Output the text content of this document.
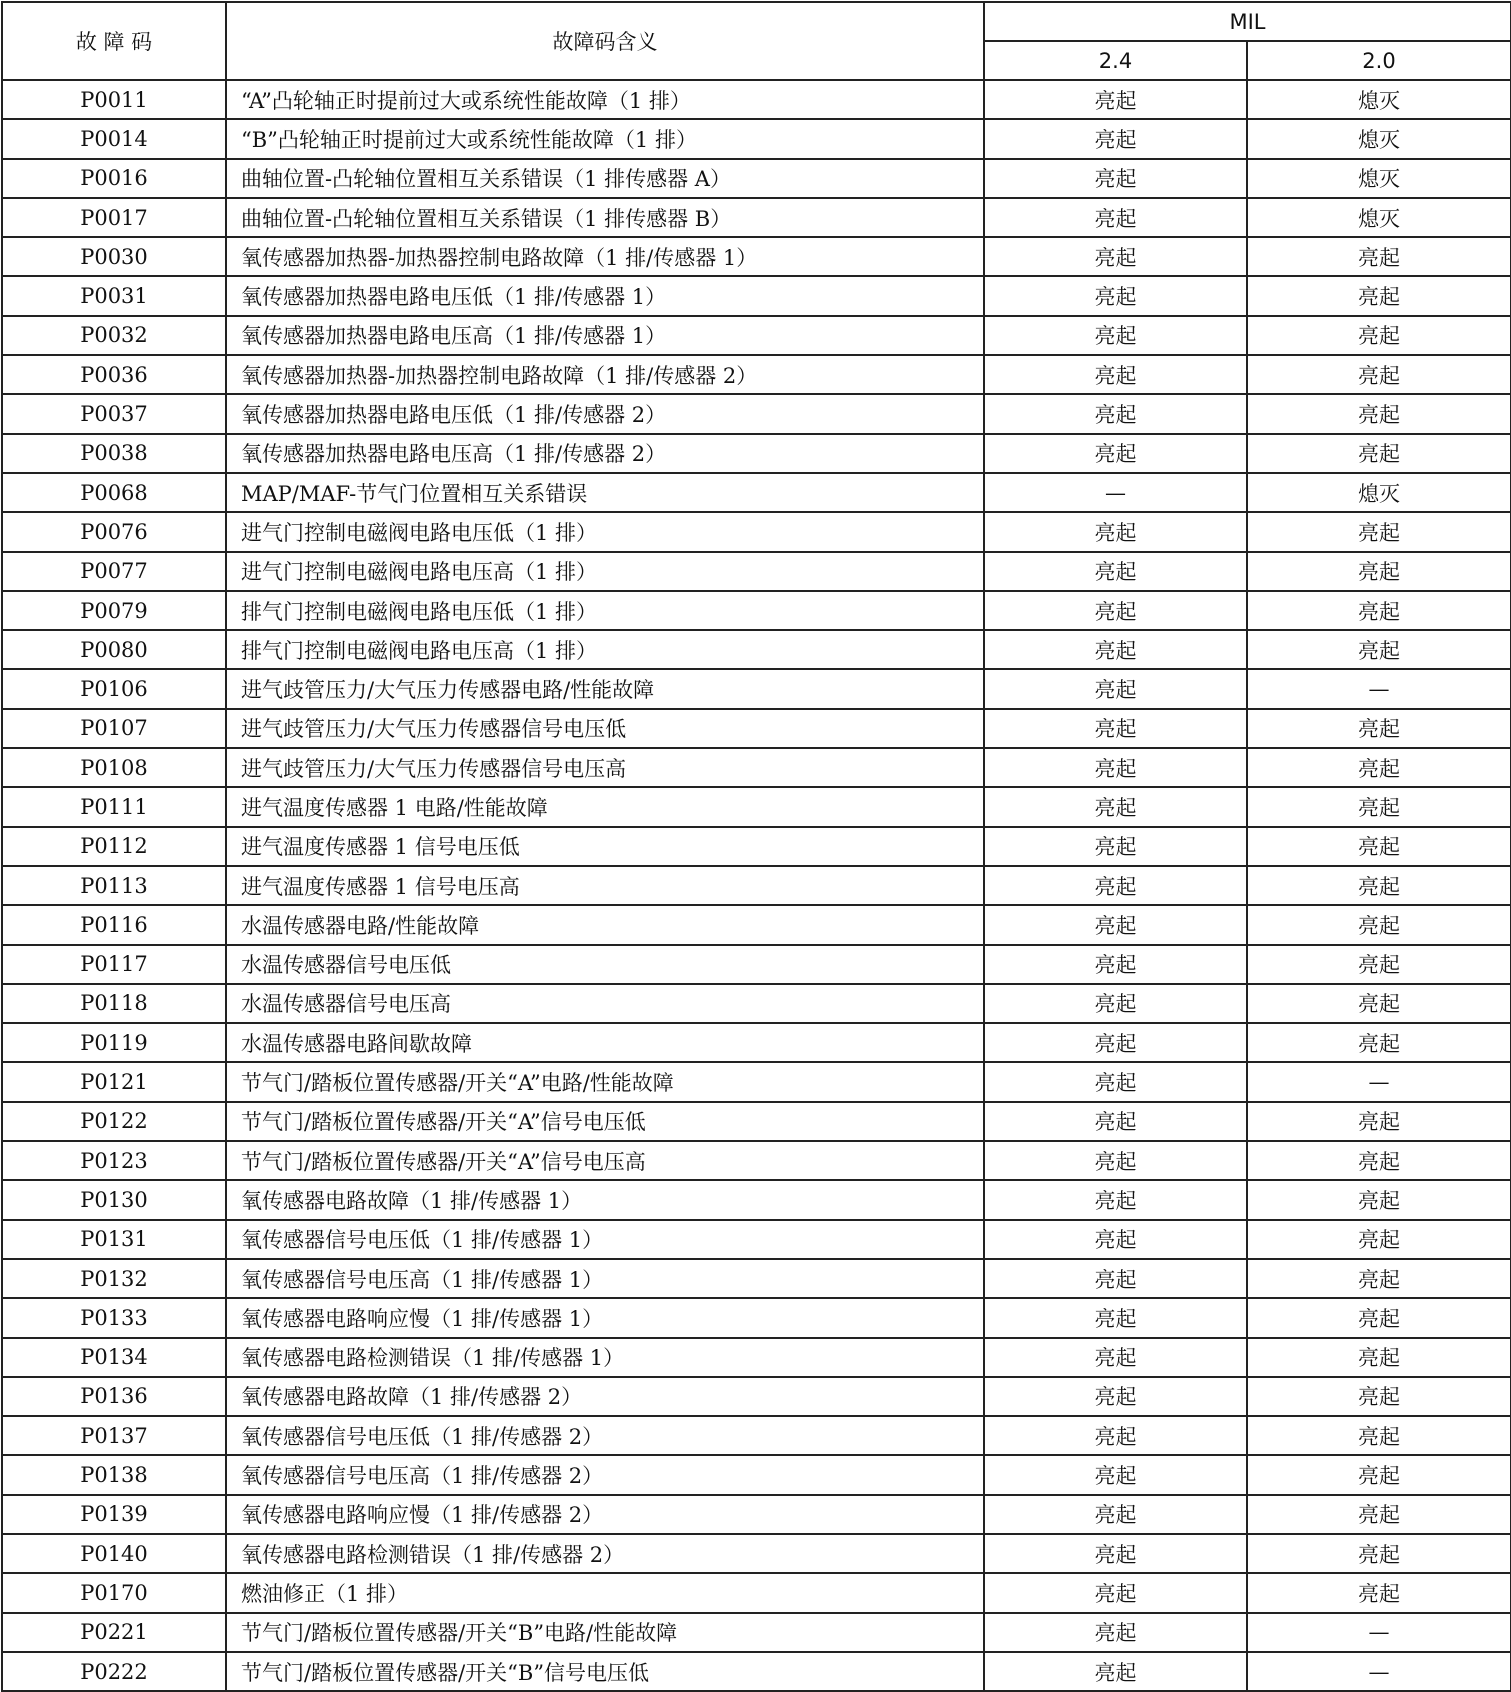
故 障 码	故障码含义	MIL	
		2.4	2.0
P0011	“A”凸轮轴正时提前过大或系统性能故障（1 排）	亮起	熄灭
P0014	“B”凸轮轴正时提前过大或系统性能故障（1 排）	亮起	熄灭
P0016	曲轴位置-凸轮轴位置相互关系错误（1 排传感器 A）	亮起	熄灭
P0017	曲轴位置-凸轮轴位置相互关系错误（1 排传感器 B）	亮起	熄灭
P0030	氧传感器加热器-加热器控制电路故障（1 排/传感器 1）	亮起	亮起
P0031	氧传感器加热器电路电压低（1 排/传感器 1）	亮起	亮起
P0032	氧传感器加热器电路电压高（1 排/传感器 1）	亮起	亮起
P0036	氧传感器加热器-加热器控制电路故障（1 排/传感器 2）	亮起	亮起
P0037	氧传感器加热器电路电压低（1 排/传感器 2）	亮起	亮起
P0038	氧传感器加热器电路电压高（1 排/传感器 2）	亮起	亮起
P0068	MAP/MAF-节气门位置相互关系错误	—	熄灭
P0076	进气门控制电磁阀电路电压低（1 排）	亮起	亮起
P0077	进气门控制电磁阀电路电压高（1 排）	亮起	亮起
P0079	排气门控制电磁阀电路电压低（1 排）	亮起	亮起
P0080	排气门控制电磁阀电路电压高（1 排）	亮起	亮起
P0106	进气歧管压力/大气压力传感器电路/性能故障	亮起	—
P0107	进气歧管压力/大气压力传感器信号电压低	亮起	亮起
P0108	进气歧管压力/大气压力传感器信号电压高	亮起	亮起
P0111	进气温度传感器 1 电路/性能故障	亮起	亮起
P0112	进气温度传感器 1 信号电压低	亮起	亮起
P0113	进气温度传感器 1 信号电压高	亮起	亮起
P0116	水温传感器电路/性能故障	亮起	亮起
P0117	水温传感器信号电压低	亮起	亮起
P0118	水温传感器信号电压高	亮起	亮起
P0119	水温传感器电路间歇故障	亮起	亮起
P0121	节气门/踏板位置传感器/开关“A”电路/性能故障	亮起	—
P0122	节气门/踏板位置传感器/开关“A”信号电压低	亮起	亮起
P0123	节气门/踏板位置传感器/开关“A”信号电压高	亮起	亮起
P0130	氧传感器电路故障（1 排/传感器 1）	亮起	亮起
P0131	氧传感器信号电压低（1 排/传感器 1）	亮起	亮起
P0132	氧传感器信号电压高（1 排/传感器 1）	亮起	亮起
P0133	氧传感器电路响应慢（1 排/传感器 1）	亮起	亮起
P0134	氧传感器电路检测错误（1 排/传感器 1）	亮起	亮起
P0136	氧传感器电路故障（1 排/传感器 2）	亮起	亮起
P0137	氧传感器信号电压低（1 排/传感器 2）	亮起	亮起
P0138	氧传感器信号电压高（1 排/传感器 2）	亮起	亮起
P0139	氧传感器电路响应慢（1 排/传感器 2）	亮起	亮起
P0140	氧传感器电路检测错误（1 排/传感器 2）	亮起	亮起
P0170	燃油修正（1 排）	亮起	亮起
P0221	节气门/踏板位置传感器/开关“B”电路/性能故障	亮起	—
P0222	节气门/踏板位置传感器/开关“B”信号电压低	亮起	—
